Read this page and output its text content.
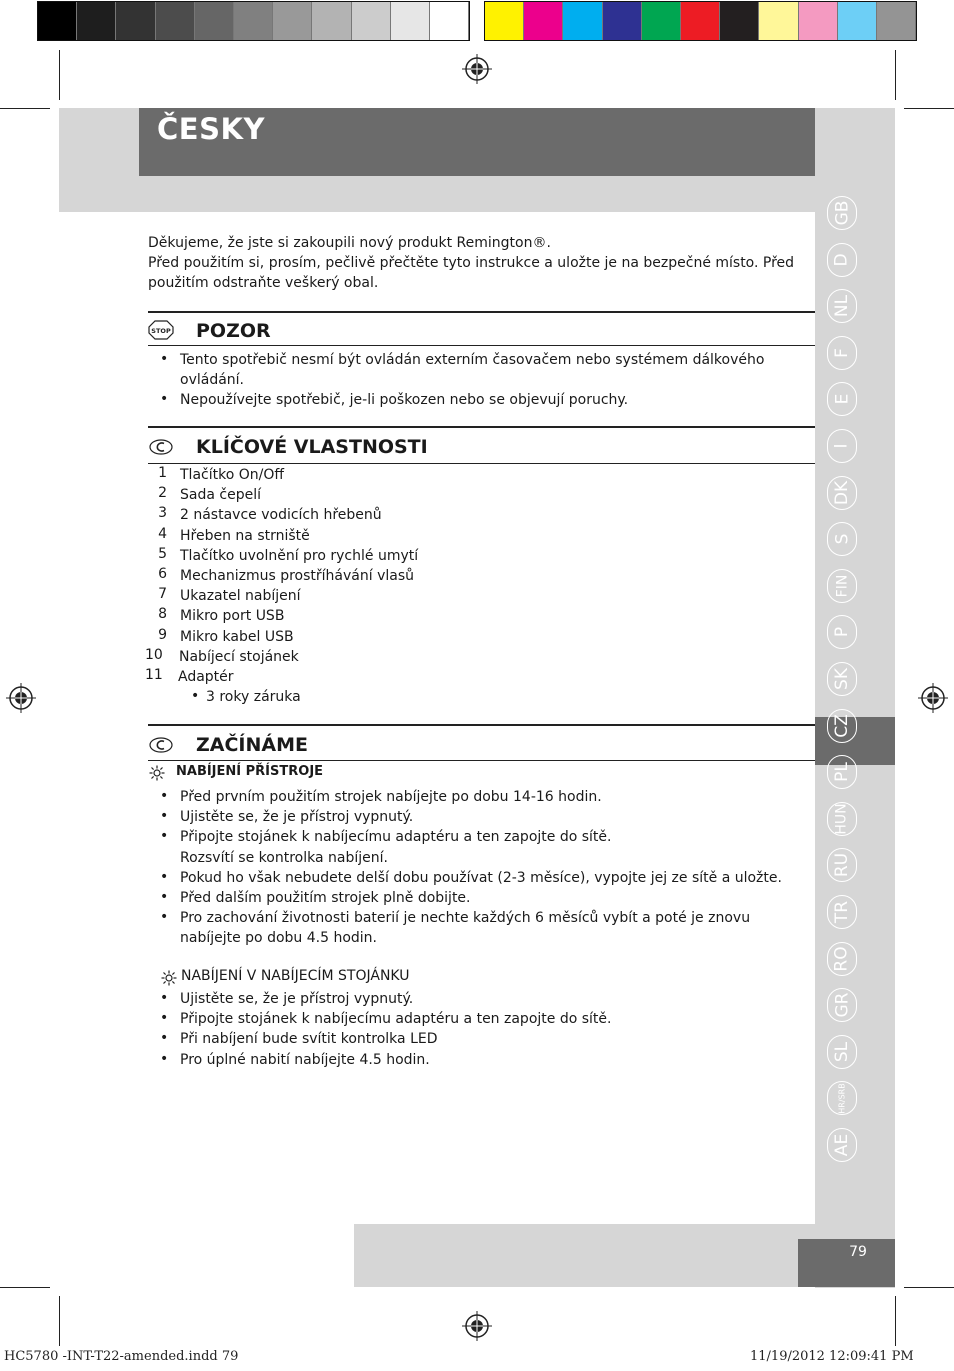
ČESKY
GB
D
NL
F
E
I
DK
S
FIN
P
SK
CZ
PL
HUN
RU
TR
RO
GR
SL
HR/SRB
AE
79
Děkujeme, že jste si zakoupili nový produkt Remington®.
Před použitím si, prosím, pečlivě přečtěte tyto instrukce a uložte je na bezpečné místo. Před
použitím odstraňte veškerý obal.
STOP POZOR
• Tento spotřebič nesmí být ovládán externím časovačem nebo systémem dálkového
ovládání.
• Nepoužívejte spotřebič, je-li poškozen nebo se objevují poruchy.
KLÍČOVÉ VLASTNOSTI
1 Tlačítko On/Off
2 Sada čepelí
3 2 nástavce vodicích hřebenů
4 Hřeben na strniště
5 Tlačítko uvolnění pro rychlé umytí
6 Mechanizmus prostříhávání vlasů
7 Ukazatel nabíjení
8 Mikro port USB
9 Mikro kabel USB
10 Nabíjecí stojánek
11 Adaptér
• 3 roky záruka
ZAČÍNÁME
NABÍJENÍ PŘÍSTROJE
• Před prvním použitím strojek nabíjejte po dobu 14-16 hodin.
• Ujistěte se, že je přístroj vypnutý.
• Připojte stojánek k nabíjecímu adaptéru a ten zapojte do sítě.
Rozsvítí se kontrolka nabíjení.
• Pokud ho však nebudete delší dobu používat (2-3 měsíce), vypojte jej ze sítě a uložte.
• Před dalším použitím strojek plně dobijte.
• Pro zachování životnosti baterií je nechte každých 6 měsíců vybít a poté je znovu
nabíjejte po dobu 4.5 hodin.
NABÍJENÍ V NABÍJECÍM STOJÁNKU
• Ujistěte se, že je přístroj vypnutý.
• Připojte stojánek k nabíjecímu adaptéru a ten zapojte do sítě.
• Při nabíjení bude svítit kontrolka LED
• Pro úplné nabití nabíjejte 4.5 hodin.
HC5780 -INT-T22-amended.indd 79	11/19/2012 12:09:41 PM
